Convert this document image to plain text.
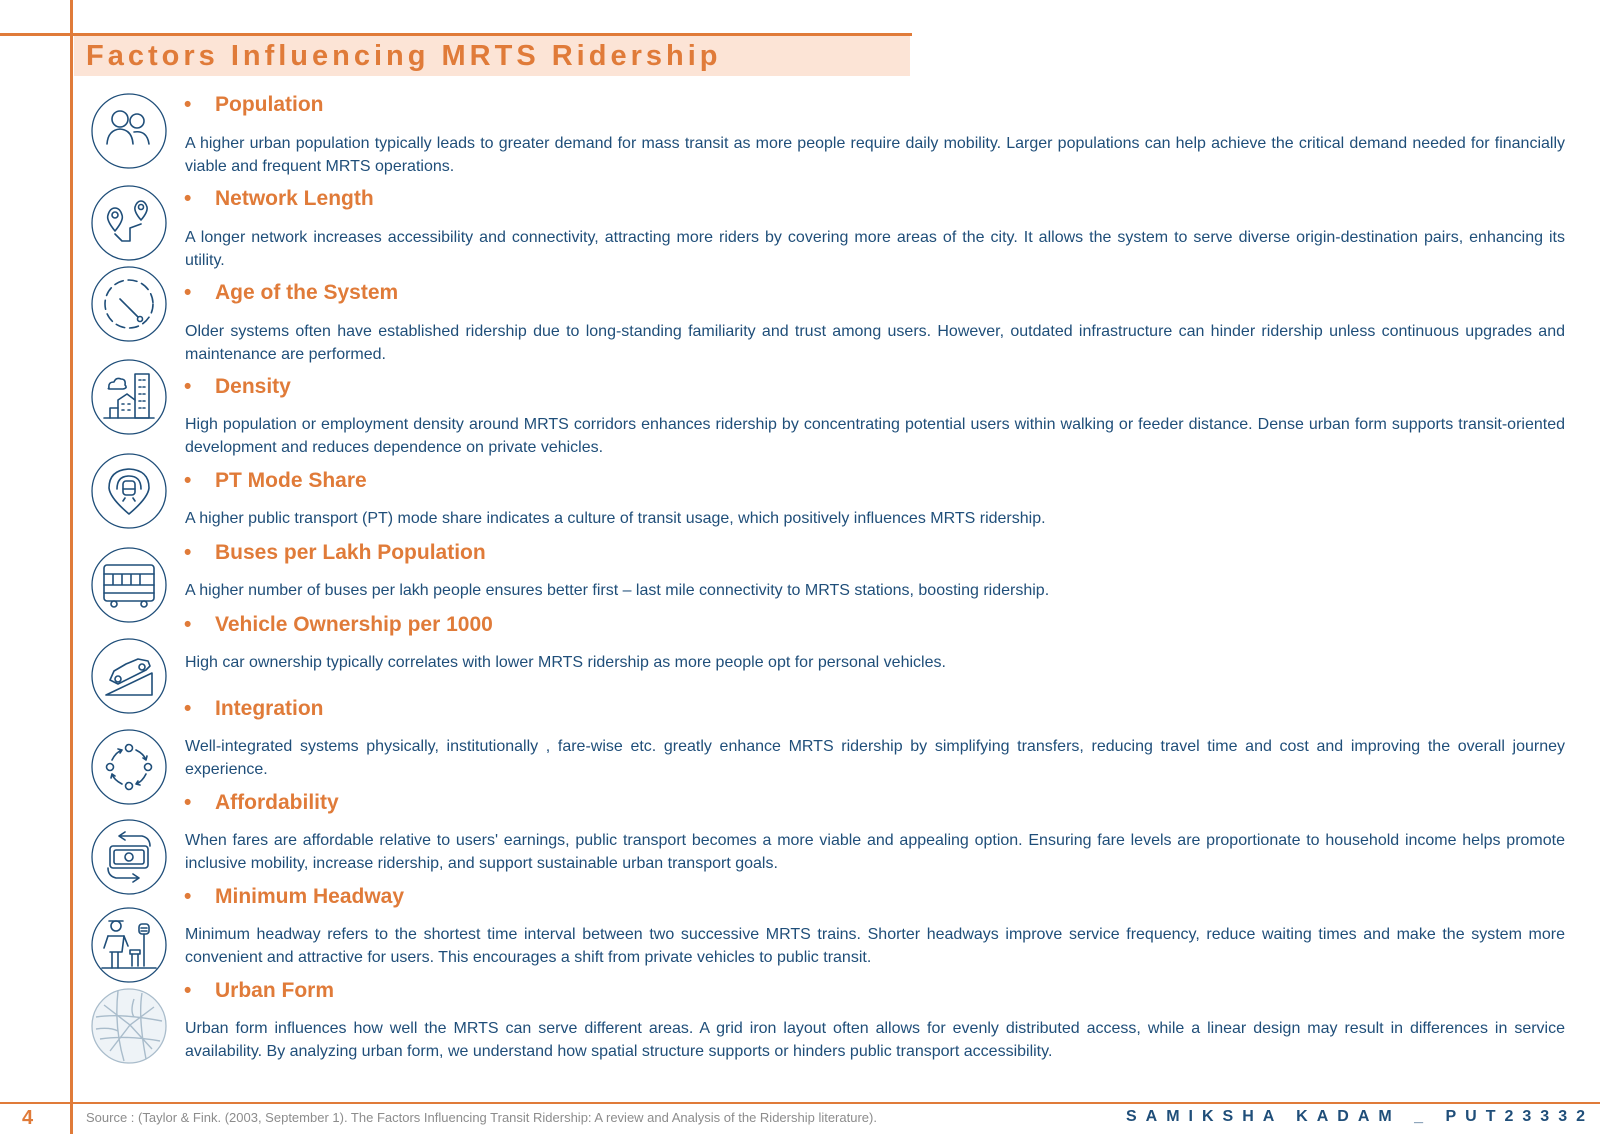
Factors Influencing MRTS Ridership
• Population
A higher urban population typically leads to greater demand for mass transit as more people require daily mobility. Larger populations can help achieve the critical demand needed for financially viable and frequent MRTS operations.
• Network Length
A longer network increases accessibility and connectivity, attracting more riders by covering more areas of the city. It allows the system to serve diverse origin-destination pairs, enhancing its utility.
• Age of the System
Older systems often have established ridership due to long-standing familiarity and trust among users. However, outdated infrastructure can hinder ridership unless continuous upgrades and maintenance are performed.
• Density
High population or employment density around MRTS corridors enhances ridership by concentrating potential users within walking or feeder distance. Dense urban form supports transit-oriented development and reduces dependence on private vehicles.
• PT Mode Share
A higher public transport (PT) mode share indicates a culture of transit usage, which positively influences MRTS ridership.
• Buses per Lakh Population
A higher number of buses per lakh people ensures better first – last mile connectivity to MRTS stations, boosting ridership.
• Vehicle Ownership per 1000
High car ownership typically correlates with lower MRTS ridership as more people opt for personal vehicles.
• Integration
Well-integrated systems physically, institutionally , fare-wise etc. greatly enhance MRTS ridership by simplifying transfers, reducing travel time and cost and improving the overall journey experience.
• Affordability
When fares are affordable relative to users' earnings, public transport becomes a more viable and appealing option. Ensuring fare levels are proportionate to household income helps promote inclusive mobility, increase ridership, and support sustainable urban transport goals.
• Minimum Headway
Minimum headway refers to the shortest time interval between two successive MRTS trains. Shorter headways improve service frequency, reduce waiting times and make the system more convenient and attractive for users. This encourages a shift from private vehicles to public transit.
• Urban Form
Urban form influences how well the MRTS can serve different areas. A grid iron layout often allows for evenly distributed access, while a linear design may result in differences in service availability. By analyzing urban form, we understand how spatial structure supports or hinders public transport accessibility.
4	Source : (Taylor & Fink. (2003, September 1). The Factors Influencing Transit Ridership: A review and Analysis of the Ridership literature).	SAMIKSHA KADAM _ PUT23332
